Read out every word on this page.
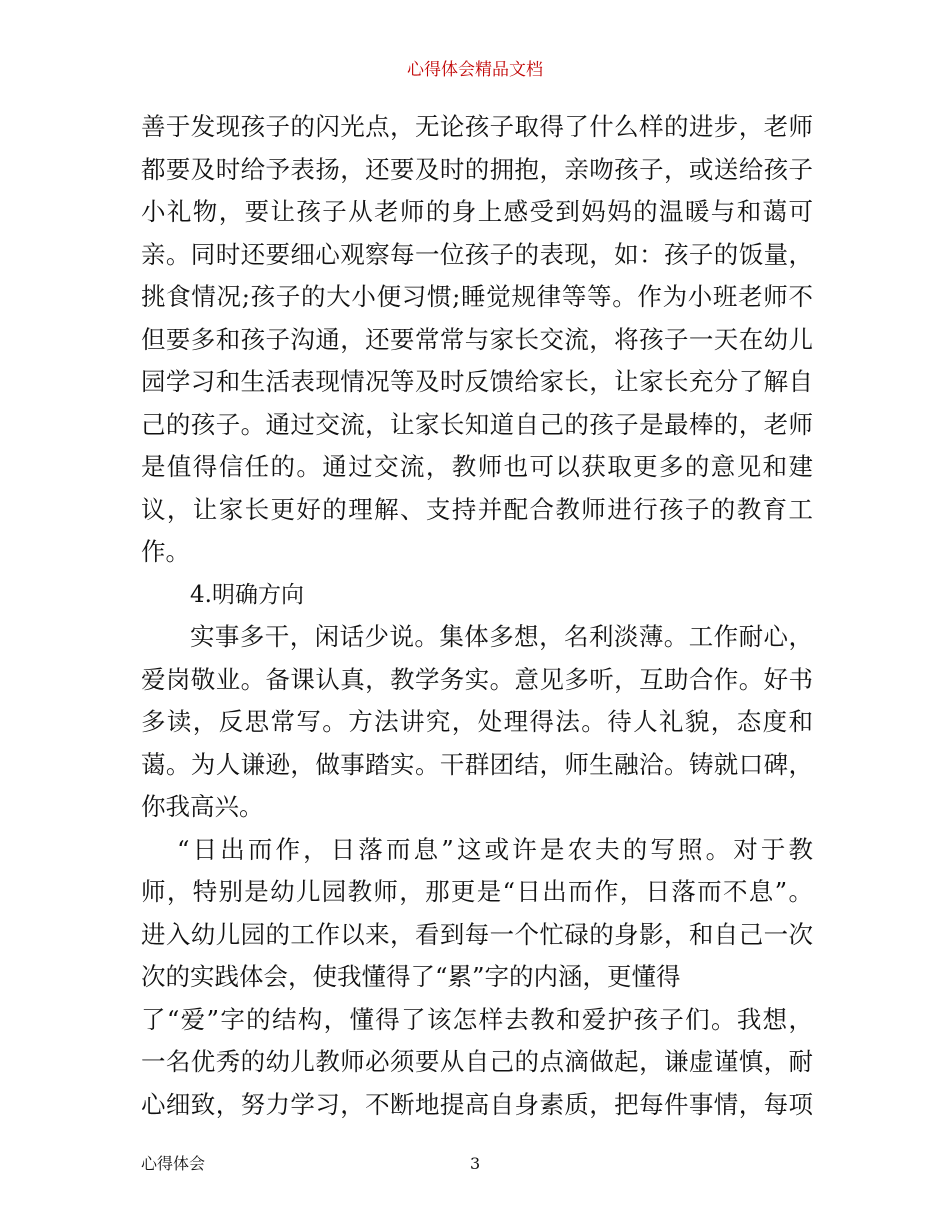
心得体会精品文档
善于发现孩子的闪光点，无论孩子取得了什么样的进步，老师
都要及时给予表扬，还要及时的拥抱，亲吻孩子，或送给孩子
小礼物，要让孩子从老师的身上感受到妈妈的温暖与和蔼可
亲。同时还要细心观察每一位孩子的表现，如：孩子的饭量，
挑食情况;孩子的大小便习惯;睡觉规律等等。作为小班老师不
但要多和孩子沟通，还要常常与家长交流，将孩子一天在幼儿
园学习和生活表现情况等及时反馈给家长，让家长充分了解自
己的孩子。通过交流，让家长知道自己的孩子是最棒的，老师
是值得信任的。通过交流，教师也可以获取更多的意见和建
议，让家长更好的理解、支持并配合教师进行孩子的教育工
作。
4.明确方向
实事多干，闲话少说。集体多想，名利淡薄。工作耐心，
爱岗敬业。备课认真，教学务实。意见多听，互助合作。好书
多读，反思常写。方法讲究，处理得法。待人礼貌，态度和
蔼。为人谦逊，做事踏实。干群团结，师生融洽。铸就口碑，
你我高兴。
“日出而作，日落而息”这或许是农夫的写照。对于教
师，特别是幼儿园教师，那更是“日出而作，日落而不息”。
进入幼儿园的工作以来，看到每一个忙碌的身影，和自己一次
次的实践体会，使我懂得了“累”字的内涵，更懂得
了“爱”字的结构，懂得了该怎样去教和爱护孩子们。我想，
一名优秀的幼儿教师必须要从自己的点滴做起，谦虚谨慎，耐
心细致，努力学习，不断地提高自身素质，把每件事情，每项
心得体会	3
